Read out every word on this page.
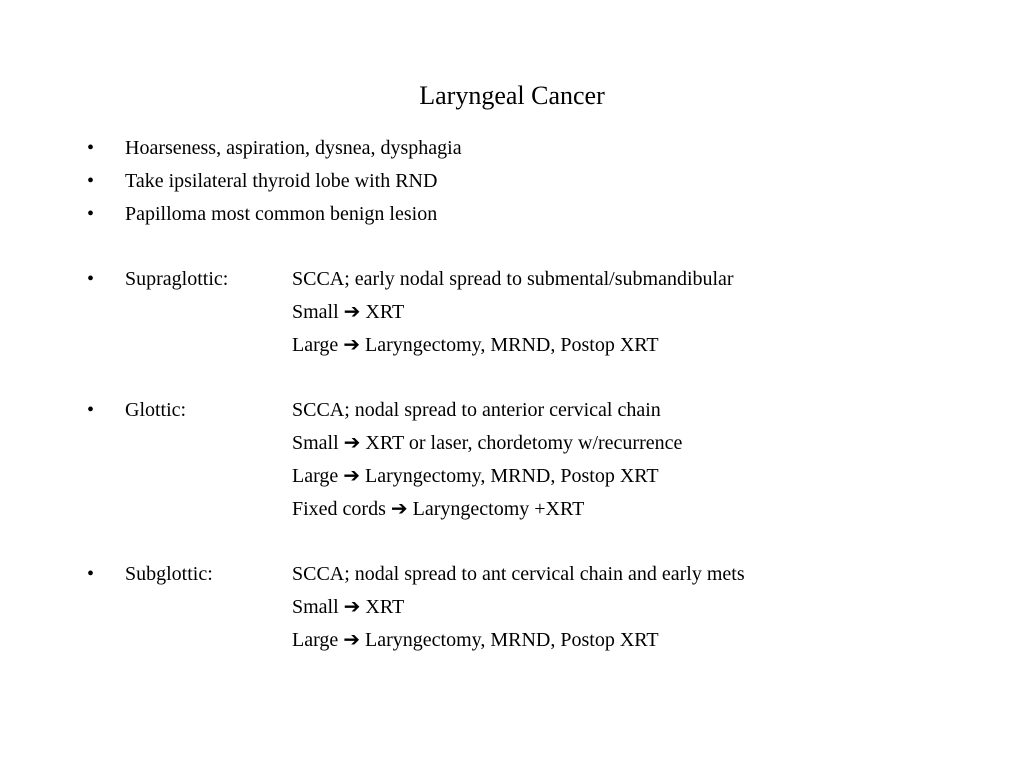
Laryngeal Cancer
• Hoarseness, aspiration, dysnea, dysphagia
• Take ipsilateral thyroid lobe with RND
• Papilloma most common benign lesion
• Supraglottic:	SCCA; early nodal spread to submental/submandibular
Small ➔ XRT
Large ➔ Laryngectomy, MRND, Postop XRT
• Glottic:	SCCA; nodal spread to anterior cervical chain
Small ➔ XRT or laser, chordetomy w/recurrence
Large ➔ Laryngectomy, MRND, Postop XRT
Fixed cords ➔ Laryngectomy +XRT
• Subglottic:	SCCA; nodal spread to ant cervical chain and early mets
Small ➔ XRT
Large ➔ Laryngectomy, MRND, Postop XRT
